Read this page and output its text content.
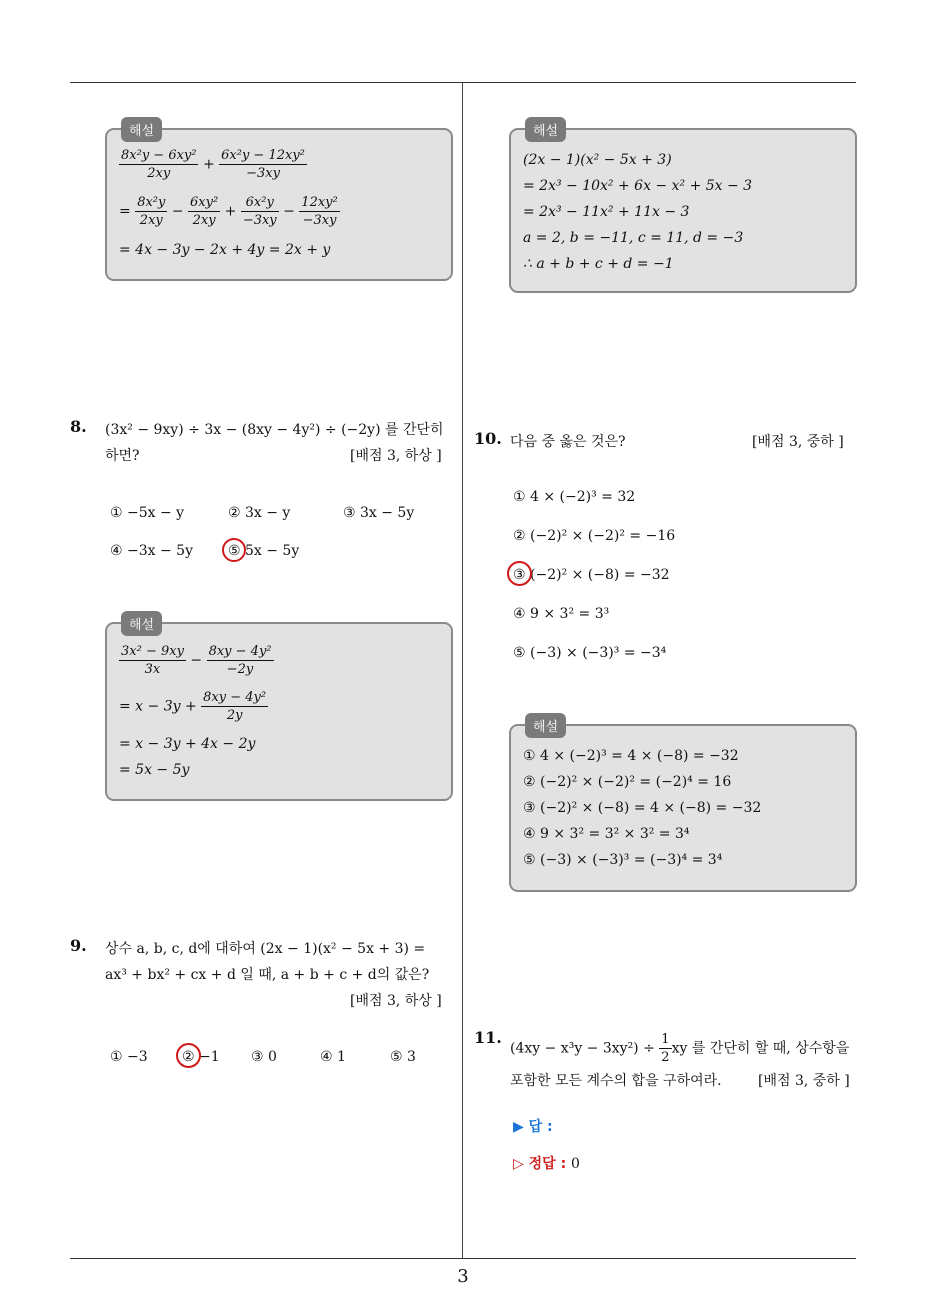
3
해설
$\frac{\text{8x²y − 6xy²}}{2xy} + \frac{\text{6x²y − 12xy²}}{-3xy}$
= $\frac{\text{8x²y}}{2xy} - \frac{\text{6xy²}}{2xy} + \frac{\text{6x²y}}{-3xy} - \frac{\text{12xy²}}{-3xy}$
= 4x − 3y − 2x + 4y = 2x + y
8. (3x² − 9xy) ÷ 3x − (8xy − 4y²) ÷ (−2y) 를 간단히
하면?	[배점 3, 하상 ]
① −5x − y	② 3x − y	③ 3x − 5y
④ −3x − 5y	⑤ 5x − 5y
해설
$\frac{\text{3x² − 9xy}}{3x} - \frac{\text{8xy − 4y²}}{-2y}$
= $x - 3y + \frac{\text{8xy − 4y²}}{2y}$
= x − 3y + 4x − 2y
= 5x − 5y
9. 상수 a, b, c, d에 대하여 (2x − 1)(x² − 5x + 3) =
ax³ + bx² + cx + d 일 때, a + b + c + d의 값은?
[배점 3, 하상 ]
① −3 ② −1 ③ 0	④ 1	⑤ 3
해설
(2x − 1)(x² − 5x + 3)
= 2x³ − 10x² + 6x − x² + 5x − 3
= 2x³ − 11x² + 11x − 3
a = 2, b = −11, c = 11, d = −3
∴ a + b + c + d = −1
10. 다음 중 옳은 것은?	[배점 3, 중하 ]
① 4 × (−2)³ = 32
② (−2)² × (−2)² = −16
③ (−2)² × (−8) = −32
④ 9 × 3² = 3³
⑤ (−3) × (−3)³ = −3⁴
해설
① 4 × (−2)³ = 4 × (−8) = −32
② (−2)² × (−2)² = (−2)⁴ = 16
③ (−2)² × (−8) = 4 × (−8) = −32
④ 9 × 3² = 3² × 3² = 3⁴
⑤ (−3) × (−3)³ = (−3)⁴ = 3⁴
11.
$(4xy - x^3y - 3xy^2) \div \frac{1}{2}$ xy 를 간단히 할 때, 상수항을
포함한 모든 계수의 합을 구하여라.	[배점 3, 중하 ]
▶ 답 :
▷ 정답 : 0
